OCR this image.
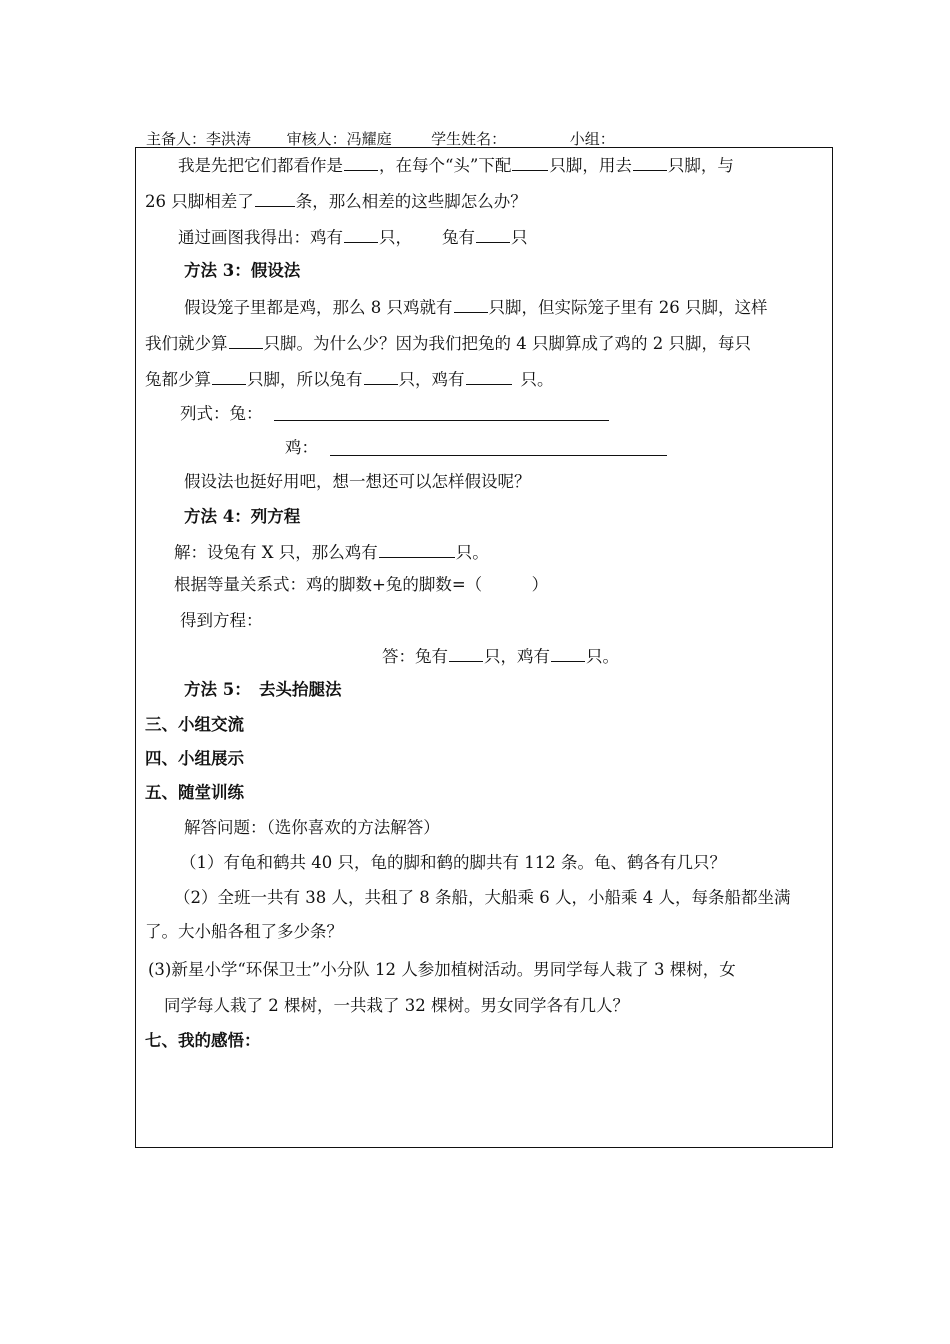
主备人：李洪涛 审核人：冯耀庭	学生姓名：	小组：
我是先把它们都看作是 ，在每个“头”下配 只脚，用去 只脚，与
26 只脚相差了	条，那么相差的这些脚怎么办？
通过画图我得出：鸡有 只， 兔有 只
方法 3：假设法
假设笼子里都是鸡，那么 8 只鸡就有 只脚，但实际笼子里有 26 只脚，这样
我们就少算 只脚。为什么少？因为我们把兔的 4 只脚算成了鸡的 2 只脚，每只
兔都少算 只脚，所以兔有 只，鸡有	只。
列式：兔：
鸡：
假设法也挺好用吧，想一想还可以怎样假设呢？
方法 4：列方程
解：设兔有 X 只，那么鸡有	只。
根据等量关系式：鸡的脚数+兔的脚数=（　　　）
得到方程：
答：兔有 只，鸡有 只。
方法 5：　去头抬腿法
三、小组交流
四、小组展示
五、随堂训练
解答问题：（选你喜欢的方法解答）
（1）有龟和鹤共 40 只，龟的脚和鹤的脚共有 112 条。龟、鹤各有几只？
（2）全班一共有 38 人，共租了 8 条船，大船乘 6 人，小船乘 4 人，每条船都坐满
了。大小船各租了多少条？
(3)新星小学“环保卫士”小分队 12 人参加植树活动。男同学每人栽了 3 棵树，女
同学每人栽了 2 棵树，一共栽了 32 棵树。男女同学各有几人？
七、我的感悟：
